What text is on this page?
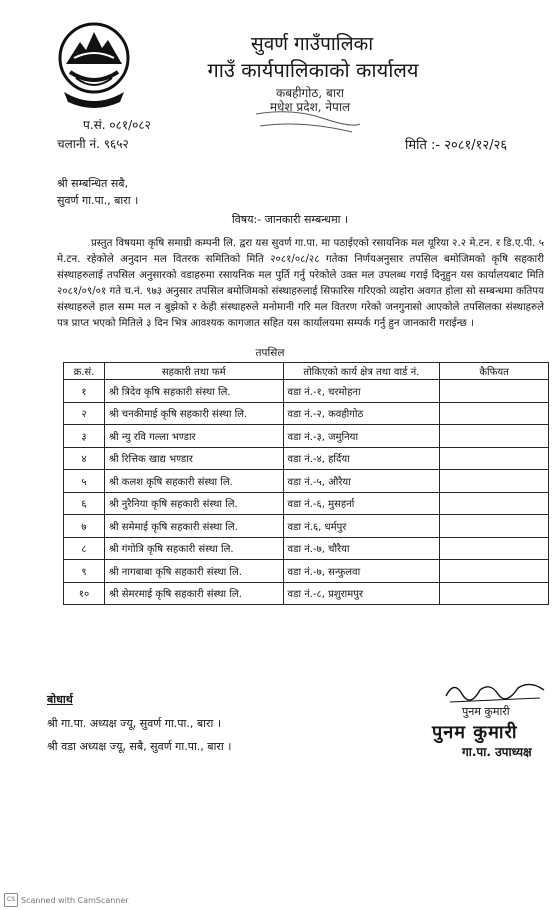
सुवर्ण गाउँपालिका
गाउँ कार्यपालिकाको कार्यालय
कबहीगोठ, बारा
मधेश प्रदेश, नेपाल
प.सं. ०८१/०८२
चलानी नं. ९६५२	मिति :- २०८१/१२/२६
श्री सम्बन्धित सबै,
सुवर्ण गा.पा., बारा ।
विषय:- जानकारी सम्बन्धमा ।
प्रस्तुत विषयमा कृषि समाग्री कम्पनी लि. द्वरा यस सुवर्ण गा.पा. मा पठाईएको रसायनिक मल यूरिया २.२ मे.टन. र डि.ए.पी. ५ मे.टन. रहेकोले अनुदान मल वितरक समितिको मिति २०८१/०८/२८ गतेका निर्णयअनुसार तपसिल बमोजिमको कृषि सहकारी संस्थाहरुलाई तपसिल अनुसारको वडाहरुमा रसायनिक मल पुर्ति गर्नु परेकोले उक्त मल उपलब्ध गराई दिनुहुन यस कार्यालयबाट मिति २०८१/०९/०१ गते च.नं. ९७३ अनुसार तपसिल बमोजिमको संस्थाहरुलाई सिफारिस गरिएको व्यहोरा अवगत होला सो सम्बन्धमा कतिपय संस्थाहरुले हाल सम्म मल न बुझेको र केही संस्थाहरुले मनोमानी गरि मल वितरण गरेको जनगुनासो आएकोले तपसिलका संस्थाहरुले पत्र प्राप्त भएको मितिले ३ दिन भित्र आवश्यक कागजात सहित यस कार्यालयमा सम्पर्क गर्नु हुन जानकारी गराईन्छ ।
तपसिल
क्र.सं.	सहकारी तथा फर्म	तोकिएको कार्य क्षेत्र तथा वार्ड नं.	कैफियत
१	श्री त्रिदेव कृषि सहकारी संस्था लि.	वडा नं.-१, चरमोहना	
२	श्री चनकीमाई कृषि सहकारी संस्था लि.	वडा नं.-२, कवहीगोठ	
३	श्री न्यु रवि गल्ला भण्डार	वडा नं.-३, जमुनिया	
४	श्री रित्तिक खाद्य भण्डार	वडा नं.-४, हर्दिया	
५	श्री कलश कृषि सहकारी संस्था लि.	वडा नं.-५, औरैया	
६	श्री नुरैनिया कृषि सहकारी संस्था लि.	वडा नं.-६, मुसहर्ना	
७	श्री समेमाई कृषि सहकारी संस्था लि.	वडा नं.६, धर्मपुर	
८	श्री गंगोत्रि कृषि सहकारी संस्था लि.	वडा नं.-७, चौरैया	
९	श्री नागबाबा कृषि सहकारी संस्था लि.	वडा नं.-७, सन्फुलवा	
१०	श्री सेमरमाई कृषि सहकारी संस्था लि.	वडा नं.-८, प्रशुरामपुर	
पुनम कुमारी
पुनम कुमारी
गा.पा. उपाध्यक्ष
बोधार्थ
श्री गा.पा. अध्यक्ष ज्यू, सुवर्ण गा.पा., बारा ।
श्री वडा अध्यक्ष ज्यू, सबै, सुवर्ण गा.पा., बारा ।
CS Scanned with CamScanner
